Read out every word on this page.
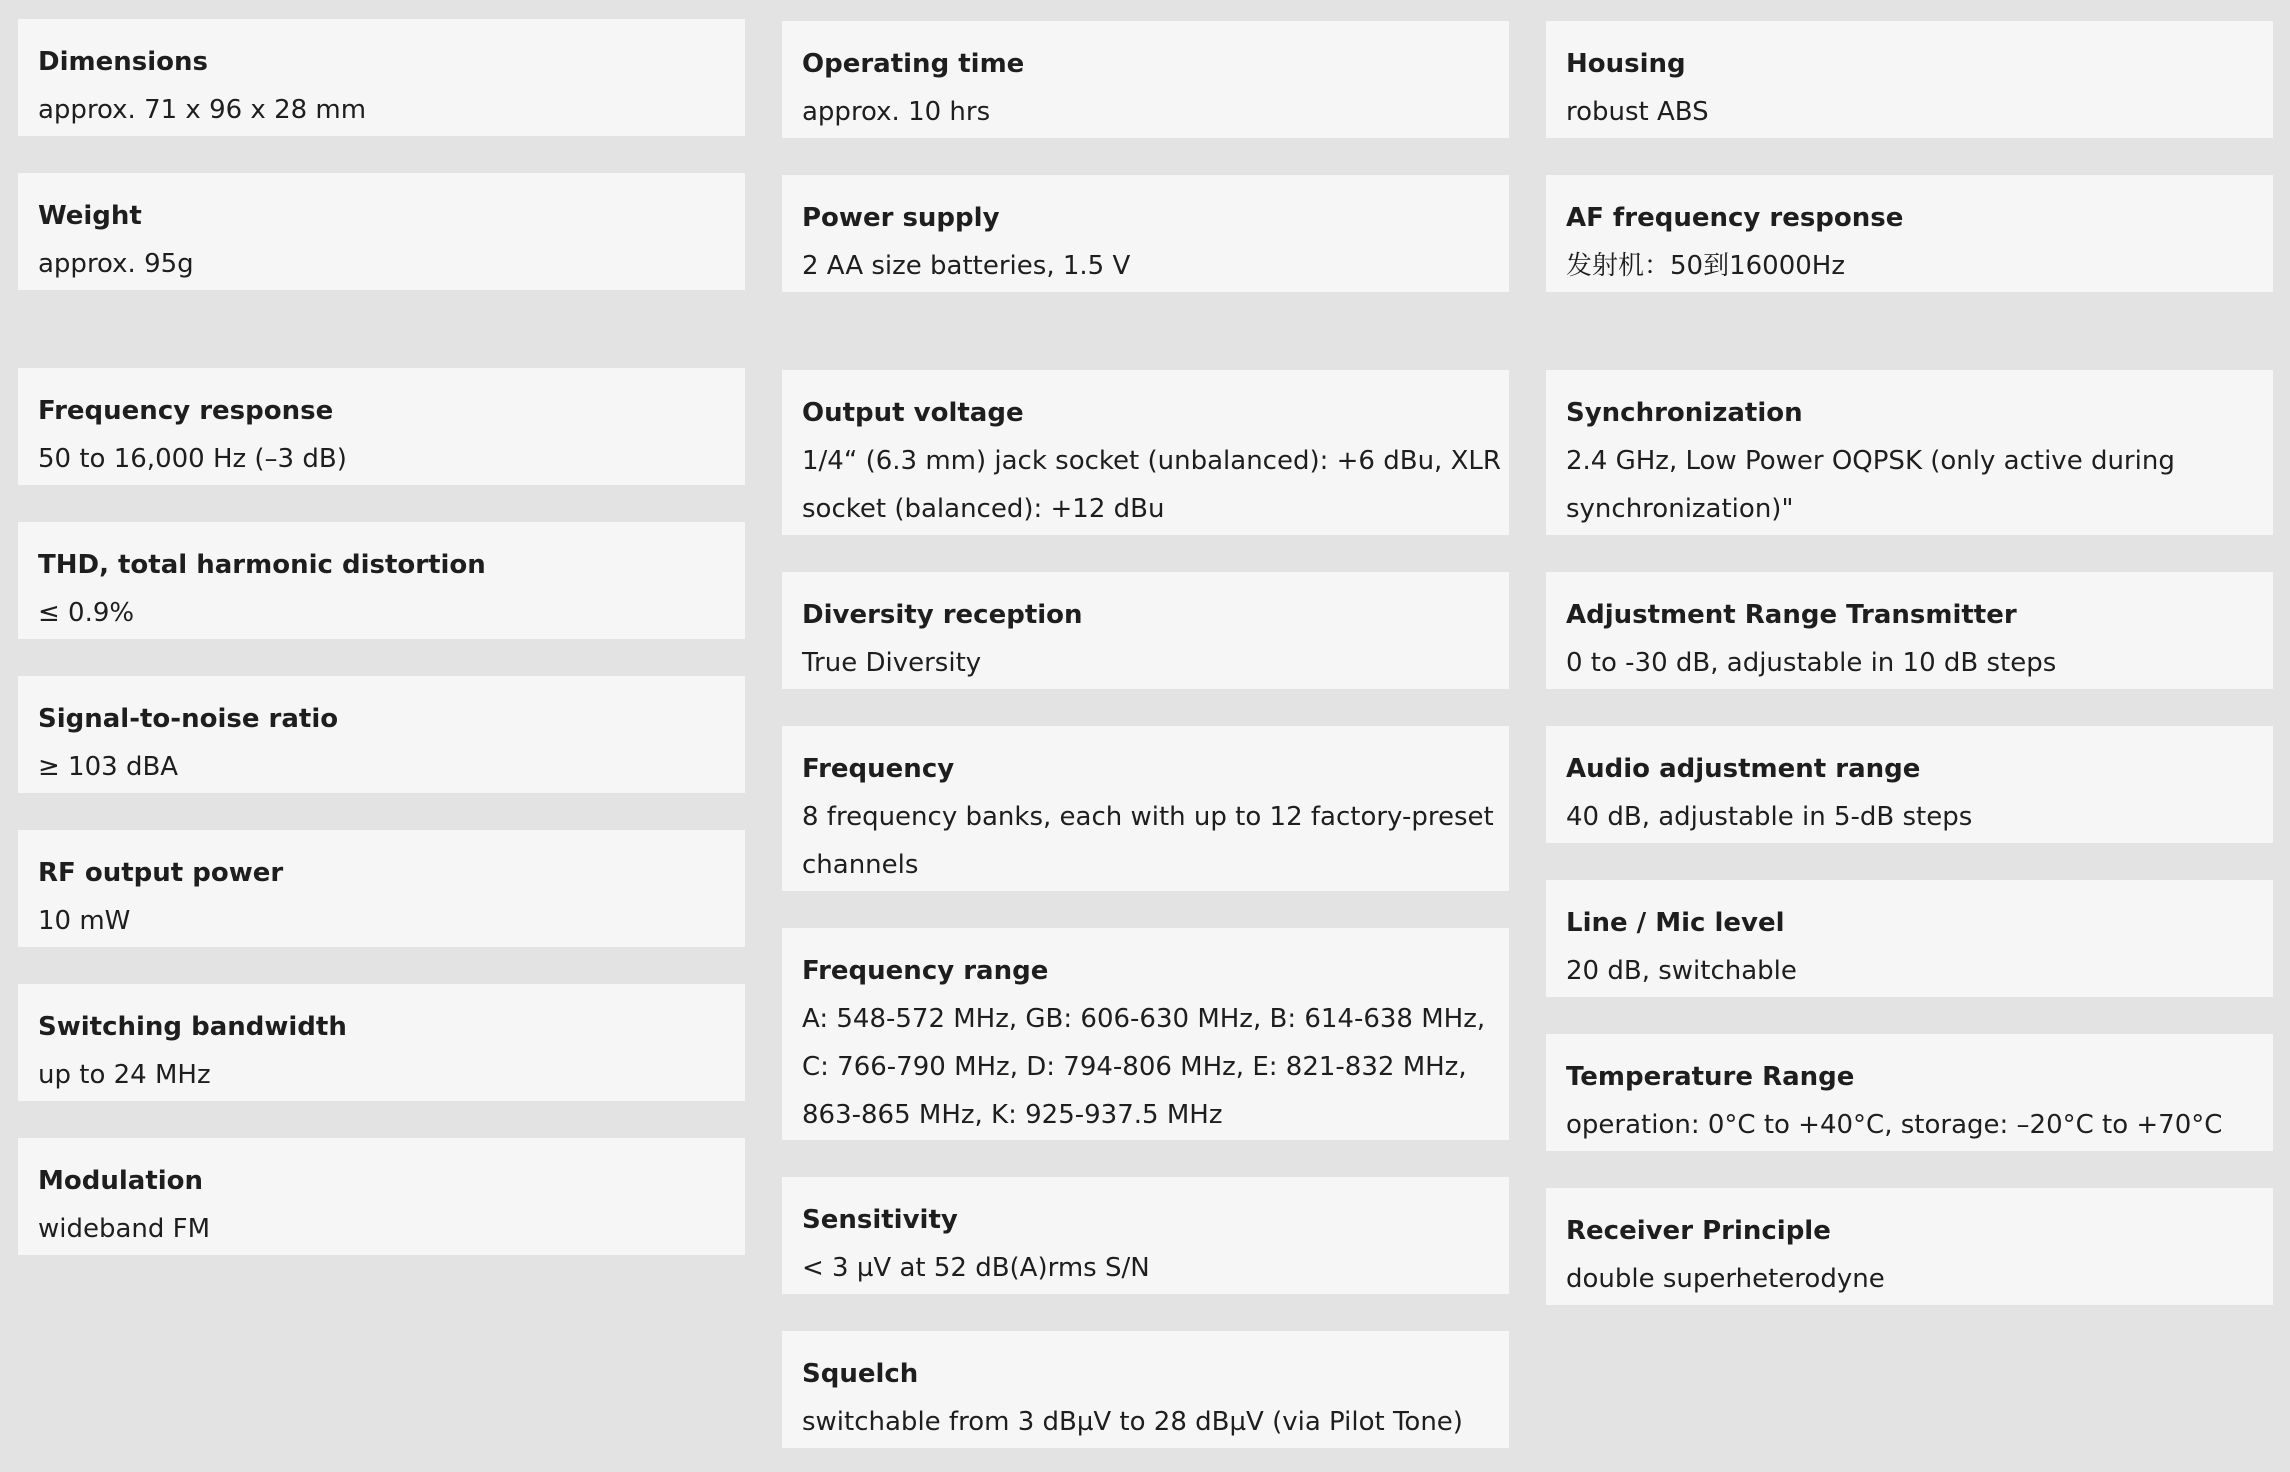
Dimensions
approx. 71 x 96 x 28 mm
Weight
approx. 95g
Frequency response
50 to 16,000 Hz (–3 dB)
THD, total harmonic distortion
≤ 0.9%
Signal-to-noise ratio
≥ 103 dBA
RF output power
10 mW
Switching bandwidth
up to 24 MHz
Modulation
wideband FM
Operating time
approx. 10 hrs
Power supply
2 AA size batteries, 1.5 V
Output voltage
1/4“ (6.3 mm) jack socket (unbalanced): +6 dBu, XLR
socket (balanced): +12 dBu
Diversity reception
True Diversity
Frequency
8 frequency banks, each with up to 12 factory-preset
channels
Frequency range
A: 548-572 MHz, GB: 606-630 MHz, B: 614-638 MHz,
C: 766-790 MHz, D: 794-806 MHz, E: 821-832 MHz,
863-865 MHz, K: 925-937.5 MHz
Sensitivity
< 3 µV at 52 dB(A)rms S/N
Squelch
switchable from 3 dBµV to 28 dBµV (via Pilot Tone)
Housing
robust ABS
AF frequency response
发射机：50到16000Hz
Synchronization
2.4 GHz, Low Power OQPSK (only active during
synchronization)"
Adjustment Range Transmitter
0 to -30 dB, adjustable in 10 dB steps
Audio adjustment range
40 dB, adjustable in 5-dB steps
Line / Mic level
20 dB, switchable
Temperature Range
operation: 0°C to +40°C, storage: –20°C to +70°C
Receiver Principle
double superheterodyne
